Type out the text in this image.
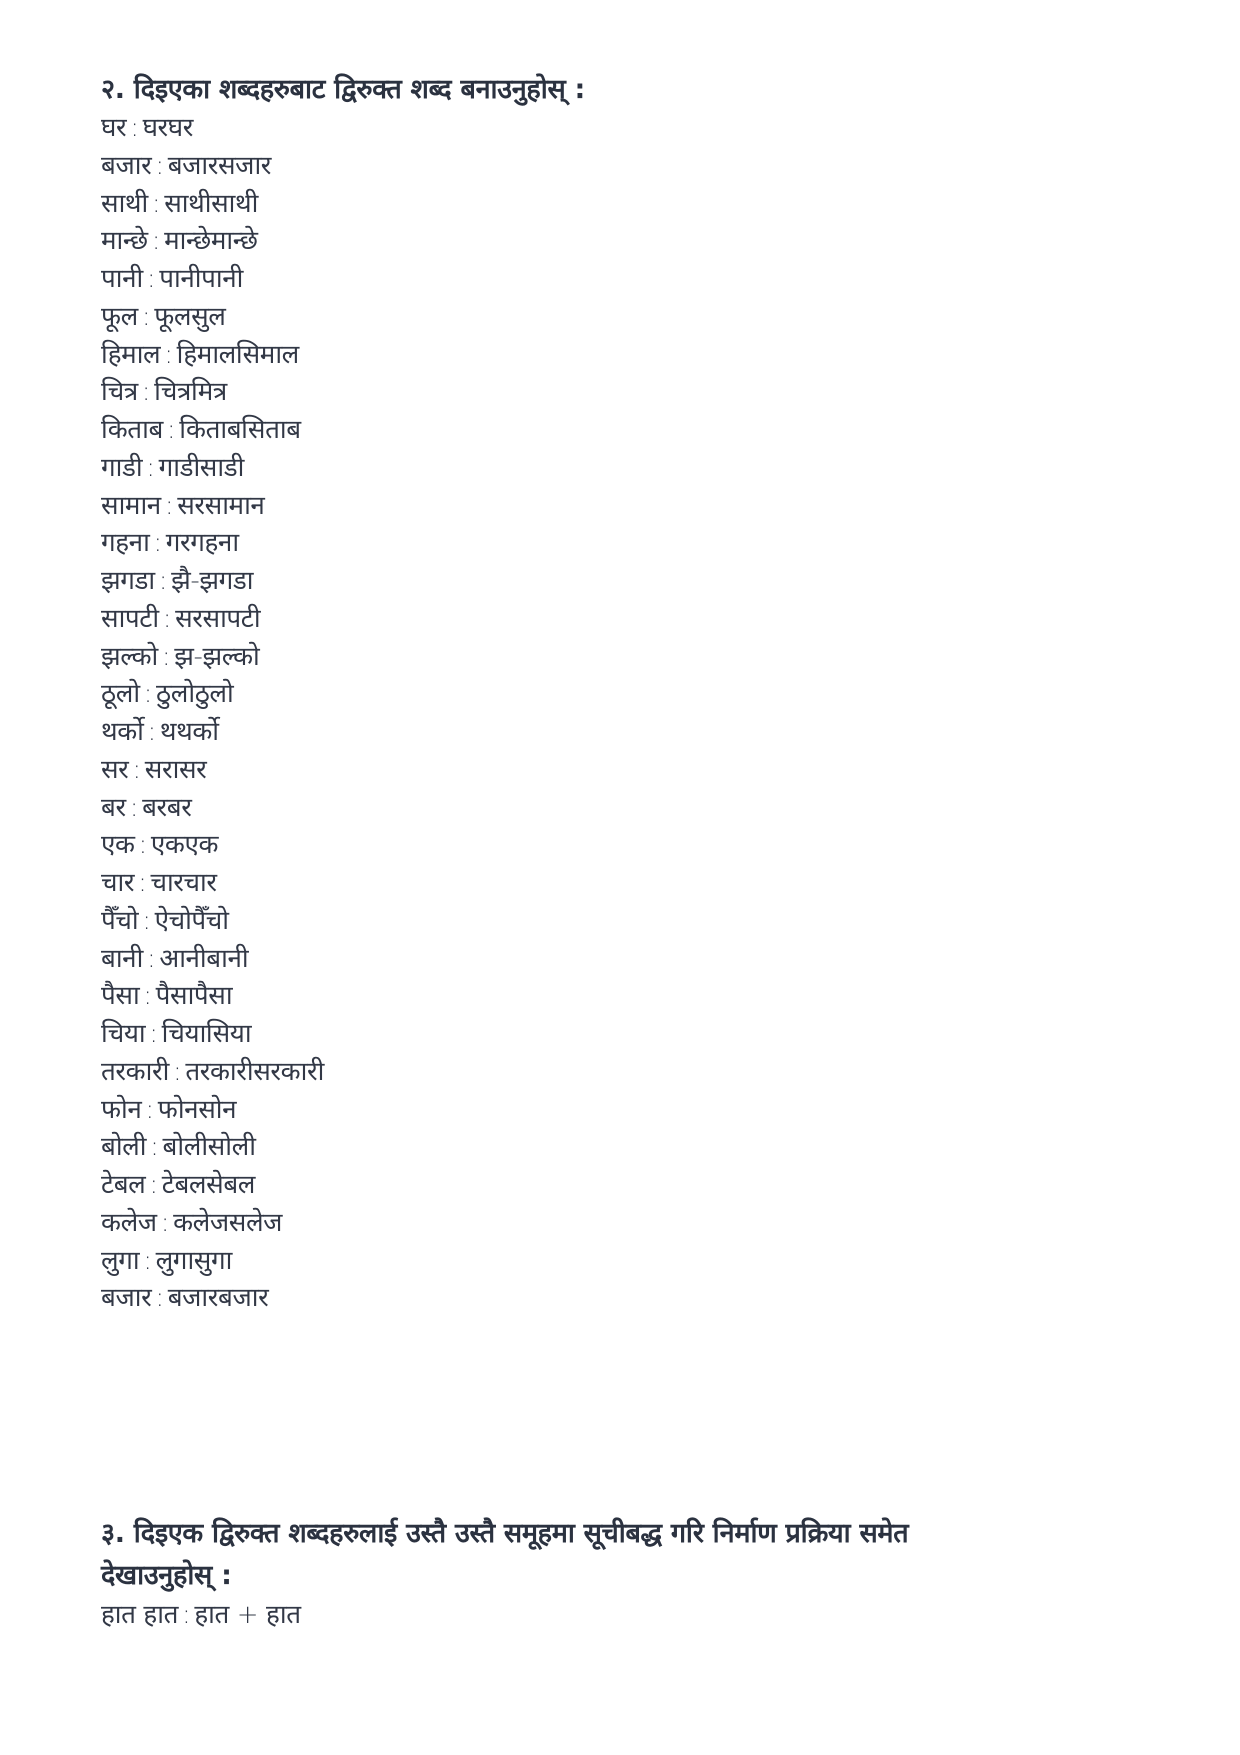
२. दिइएका शब्दहरुबाट द्विरुक्त शब्द बनाउनुहोस् :
घर : घरघर
बजार : बजारसजार
साथी : साथीसाथी
मान्छे : मान्छेमान्छे
पानी : पानीपानी
फूल : फूलसुल
हिमाल : हिमालसिमाल
चित्र : चित्रमित्र
किताब : किताबसिताब
गाडी : गाडीसाडी
सामान : सरसामान
गहना : गरगहना
झगडा : झै-झगडा
सापटी : सरसापटी
झल्को : झ-झल्को
ठूलो : ठुलोठुलो
थर्को : थथर्को
सर : सरासर
बर : बरबर
एक : एकएक
चार : चारचार
पैँचो : ऐचोपैँचो
बानी : आनीबानी
पैसा : पैसापैसा
चिया : चियासिया
तरकारी : तरकारीसरकारी
फोन : फोनसोन
बोली : बोलीसोली
टेबल : टेबलसेबल
कलेज : कलेजसलेज
लुगा : लुगासुगा
बजार : बजारबजार
३. दिइएक द्विरुक्त शब्दहरुलाई उस्तै उस्तै समूहमा सूचीबद्ध गरि निर्माण प्रक्रिया समेत
देखाउनुहोस् :
हात हात : हात + हात
